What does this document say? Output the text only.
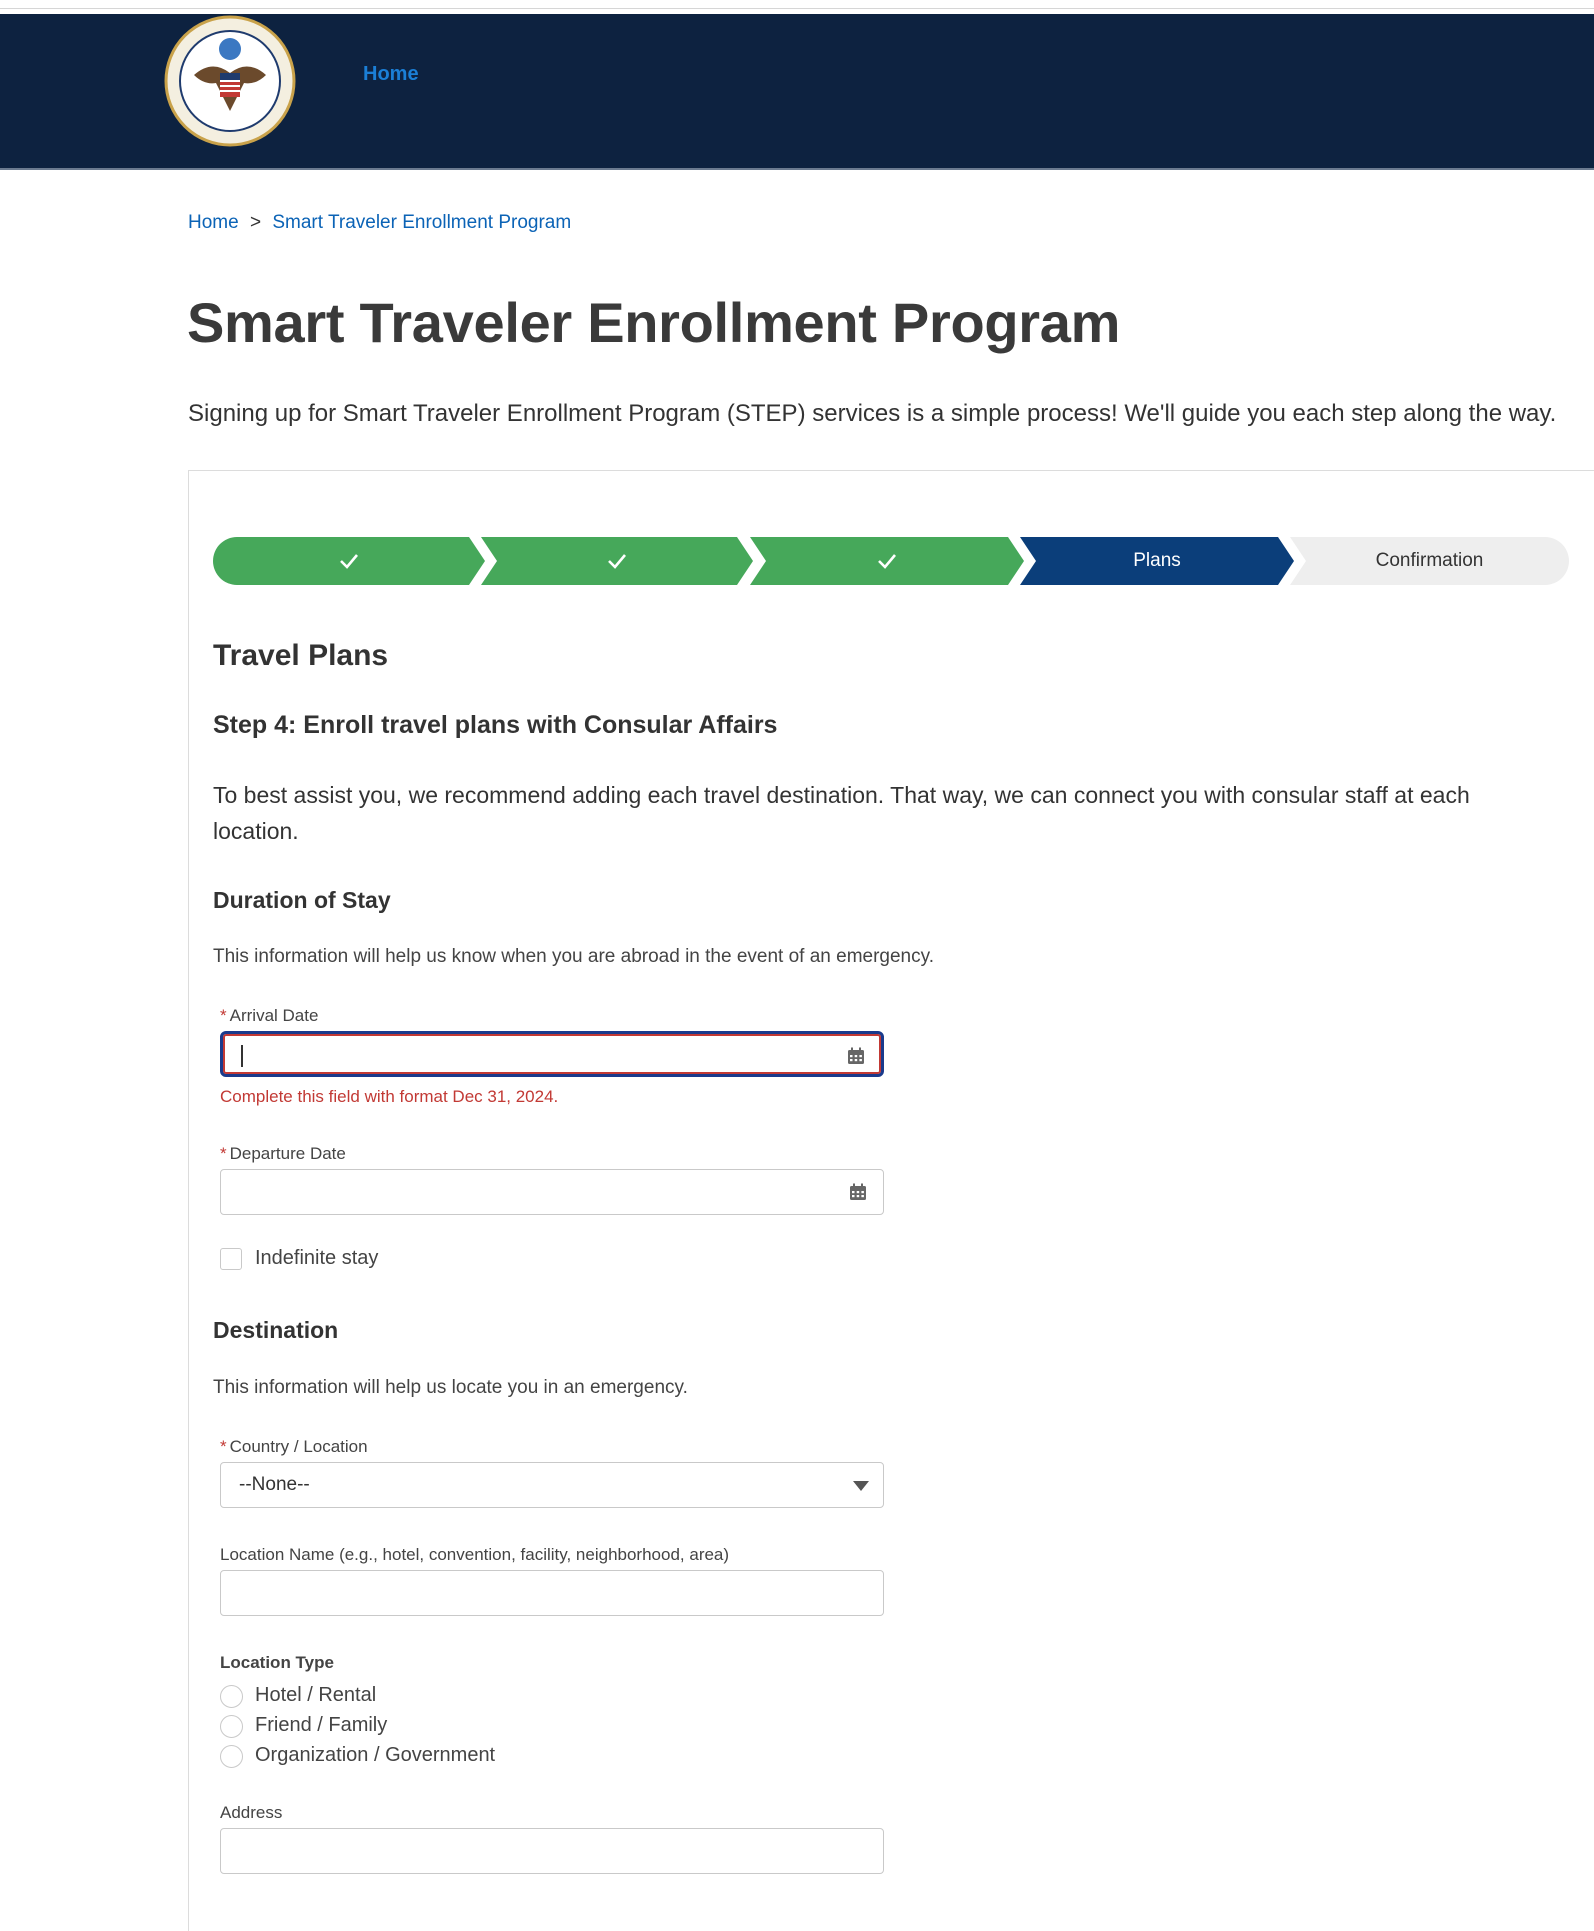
Home
Home > Smart Traveler Enrollment Program
Smart Traveler Enrollment Program

Signing up for Smart Traveler Enrollment Program (STEP) services is a simple process! We'll guide you each step along the way.

Plans	Confirmation
Travel Plans
Step 4: Enroll travel plans with Consular Affairs

To best assist you, we recommend adding each travel destination. That way, we can connect you with consular staff at each location.

Duration of Stay

This information will help us know when you are abroad in the event of an emergency.

* Arrival Date
Complete this field with format Dec 31, 2024.
* Departure Date
Indefinite stay
Destination

This information will help us locate you in an emergency.

* Country / Location
--None--
Location Name (e.g., hotel, convention, facility, neighborhood, area)
Location Type
Hotel / Rental
Friend / Family
Organization / Government
Address
